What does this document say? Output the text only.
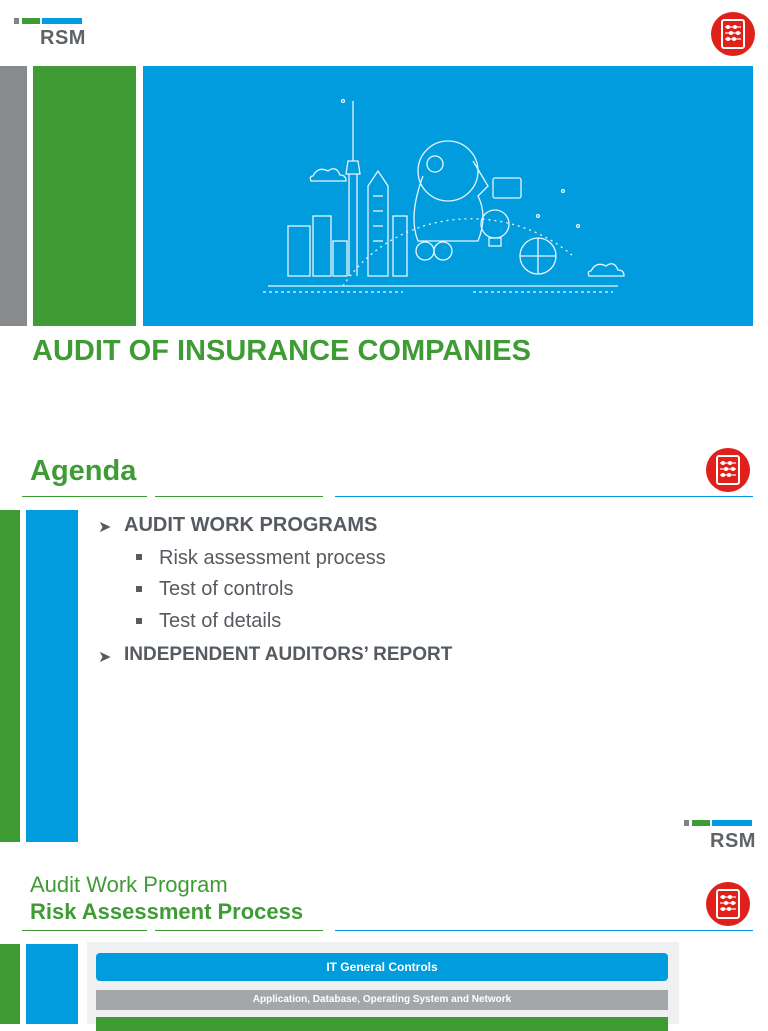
RSM
AUDIT OF INSURANCE COMPANIES
Agenda
➤ AUDIT WORK PROGRAMS
Risk assessment process
Test of controls
Test of details
➤ INDEPENDENT AUDITORS’ REPORT
RSM
Audit Work Program
Risk Assessment Process
IT General Controls
Application, Database, Operating System and Network
